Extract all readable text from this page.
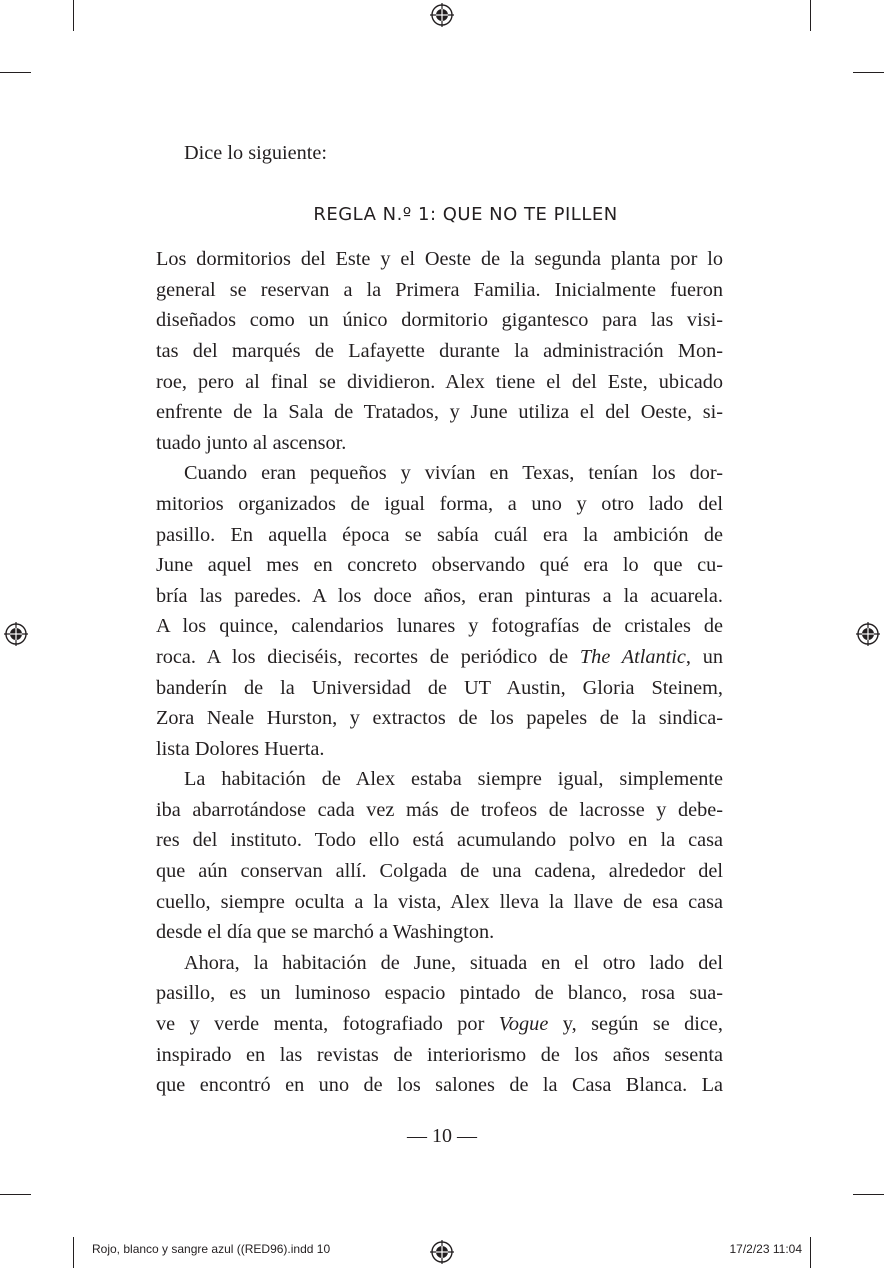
Dice lo siguiente:
REGLA N.º 1: QUE NO TE PILLEN
Los dormitorios del Este y el Oeste de la segunda planta por lo
general se reservan a la Primera Familia. Inicialmente fueron
diseñados como un único dormitorio gigantesco para las visi-
tas del marqués de Lafayette durante la administración Mon-
roe, pero al final se dividieron. Alex tiene el del Este, ubicado
enfrente de la Sala de Tratados, y June utiliza el del Oeste, si-
tuado junto al ascensor.
Cuando eran pequeños y vivían en Texas, tenían los dor-
mitorios organizados de igual forma, a uno y otro lado del
pasillo. En aquella época se sabía cuál era la ambición de
June aquel mes en concreto observando qué era lo que cu-
bría las paredes. A los doce años, eran pinturas a la acuarela.
A los quince, calendarios lunares y fotografías de cristales de
roca. A los dieciséis, recortes de periódico de The Atlantic, un
banderín de la Universidad de UT Austin, Gloria Steinem,
Zora Neale Hurston, y extractos de los papeles de la sindica-
lista Dolores Huerta.
La habitación de Alex estaba siempre igual, simplemente
iba abarrotándose cada vez más de trofeos de lacrosse y debe-
res del instituto. Todo ello está acumulando polvo en la casa
que aún conservan allí. Colgada de una cadena, alrededor del
cuello, siempre oculta a la vista, Alex lleva la llave de esa casa
desde el día que se marchó a Washington.
Ahora, la habitación de June, situada en el otro lado del
pasillo, es un luminoso espacio pintado de blanco, rosa sua-
ve y verde menta, fotografiado por Vogue y, según se dice,
inspirado en las revistas de interiorismo de los años sesenta
que encontró en uno de los salones de la Casa Blanca. La
— 10 —
Rojo, blanco y sangre azul ((RED96).indd 10	17/2/23 11:04
